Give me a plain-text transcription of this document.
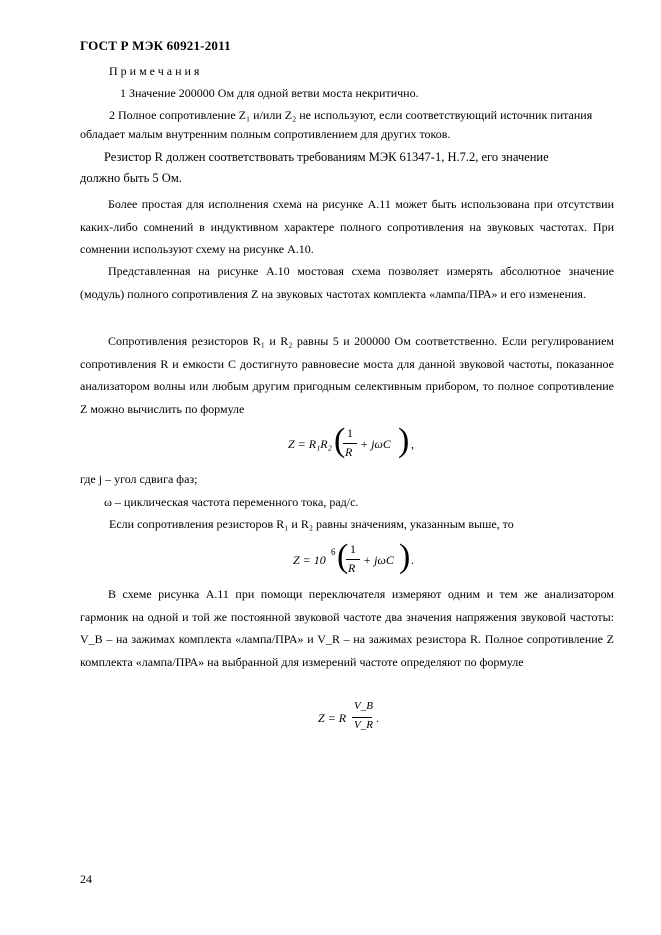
ГОСТ Р МЭК 60921-2011
Примечания
1 Значение 200000 Ом для одной ветви моста некритично.
2 Полное сопротивление Z₁ и/или Z₂ не используют, если соответствующий источник питания
обладает малым внутренним полным сопротивлением для других токов.
Резистор R должен соответствовать требованиям МЭК 61347-1, Н.7.2, его значение
должно быть 5 Ом.

Более простая для исполнения схема на рисунке А.11 может быть использована при отсутствии каких-либо сомнений в индуктивном характере полного сопротивления на звуковых частотах. При сомнении используют схему на рисунке А.10.

Представленная на рисунке А.10 мостовая схема позволяет измерять абсолютное значение (модуль) полного сопротивления Z на звуковых частотах комплекта «лампа/ПРА» и его изменения.

Сопротивления резисторов R₁ и R₂ равны 5 и 200000 Ом соответственно. Если регулированием сопротивления R и емкости C достигнуто равновесие моста для данной звуковой частоты, показанное анализатором волны или любым другим пригодным селективным прибором, то полное сопротивление Z можно вычислить по формуле

Z = R₁R₂ ( 1
R
+ jωC ) ,
где j – угол сдвига фаз;
ω – циклическая частота переменного тока, рад/с.
Если сопротивления резисторов R₁ и R₂ равны значениям, указанным выше, то
Z = 10
6 ( 1
R
+ jωC ) .

В схеме рисунка А.11 при помощи переключателя измеряют одним и тем же анализатором гармоник на одной и той же постоянной звуковой частоте два значения напряжения звуковой частоты: V_B – на зажимах комплекта «лампа/ПРА» и V_R – на зажимах резистора R. Полное сопротивление Z комплекта «лампа/ПРА» на выбранной для измерений частоте определяют по формуле

Z = R
V_B
V_R .
24
